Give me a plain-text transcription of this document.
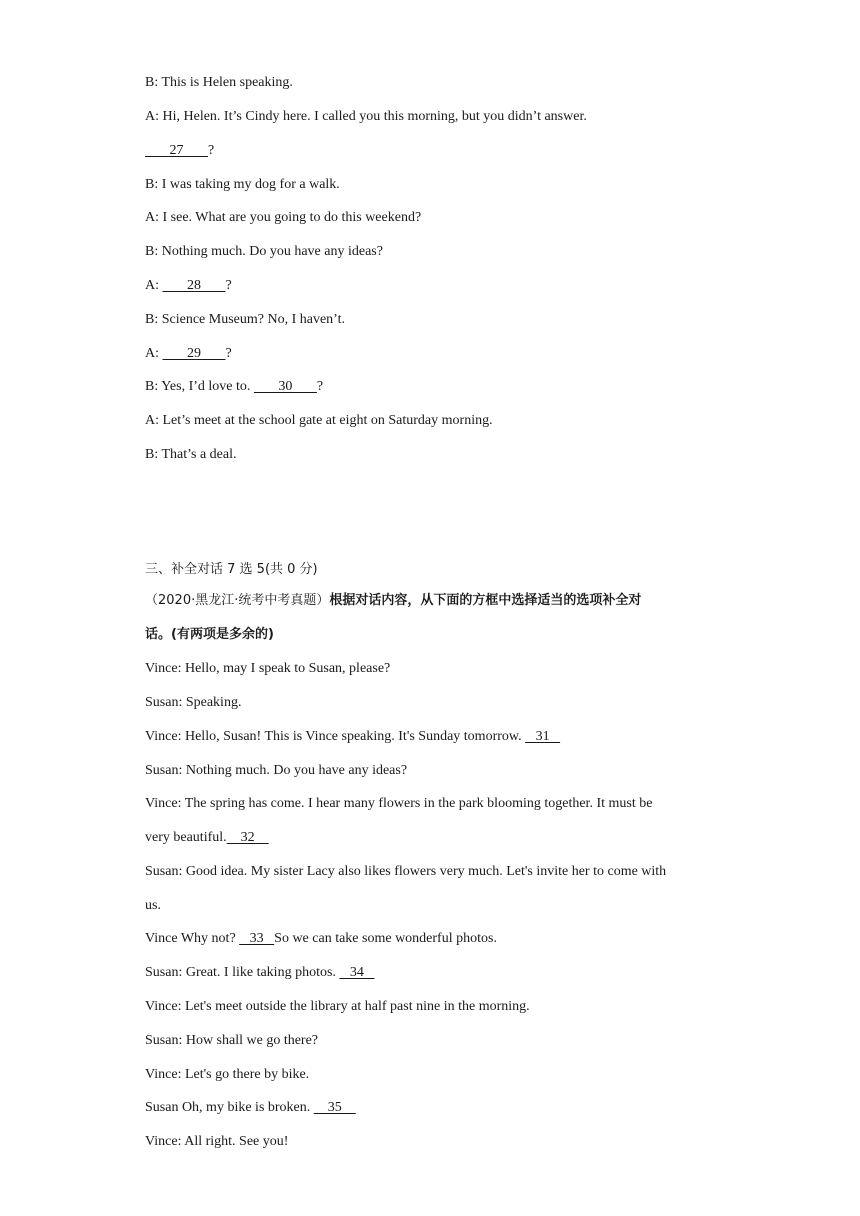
B: This is Helen speaking.
A: Hi, Helen. It’s Cindy here. I called you this morning, but you didn’t answer.
27       ?
B: I was taking my dog for a walk.
A: I see. What are you going to do this weekend?
B: Nothing much. Do you have any ideas?
A:        28       ?
B: Science Museum? No, I haven’t.
A:        29       ?
B: Yes, I’d love to.        30       ?
A: Let’s meet at the school gate at eight on Saturday morning.
B: That’s a deal.
三、补全对话 7 选 5(共 0 分)
（2020·黑龙江·统考中考真题）根据对话内容，从下面的方框中选择适当的选项补全对
话。(有两项是多余的)
Vince: Hello, may I speak to Susan, please?
Susan: Speaking.
Vince: Hello, Susan! This is Vince speaking. It's Sunday tomorrow.    31
Susan: Nothing much. Do you have any ideas?
Vince: The spring has come. I hear many flowers in the park blooming together. It must be
very beautiful.    32
Susan: Good idea. My sister Lacy also likes flowers very much. Let's invite her to come with
us.
Vince Why not?    33   So we can take some wonderful photos.
Susan: Great. I like taking photos.    34
Vince: Let's meet outside the library at half past nine in the morning.
Susan: How shall we go there?
Vince: Let's go there by bike.
Susan Oh, my bike is broken.     35
Vince: All right. See you!
